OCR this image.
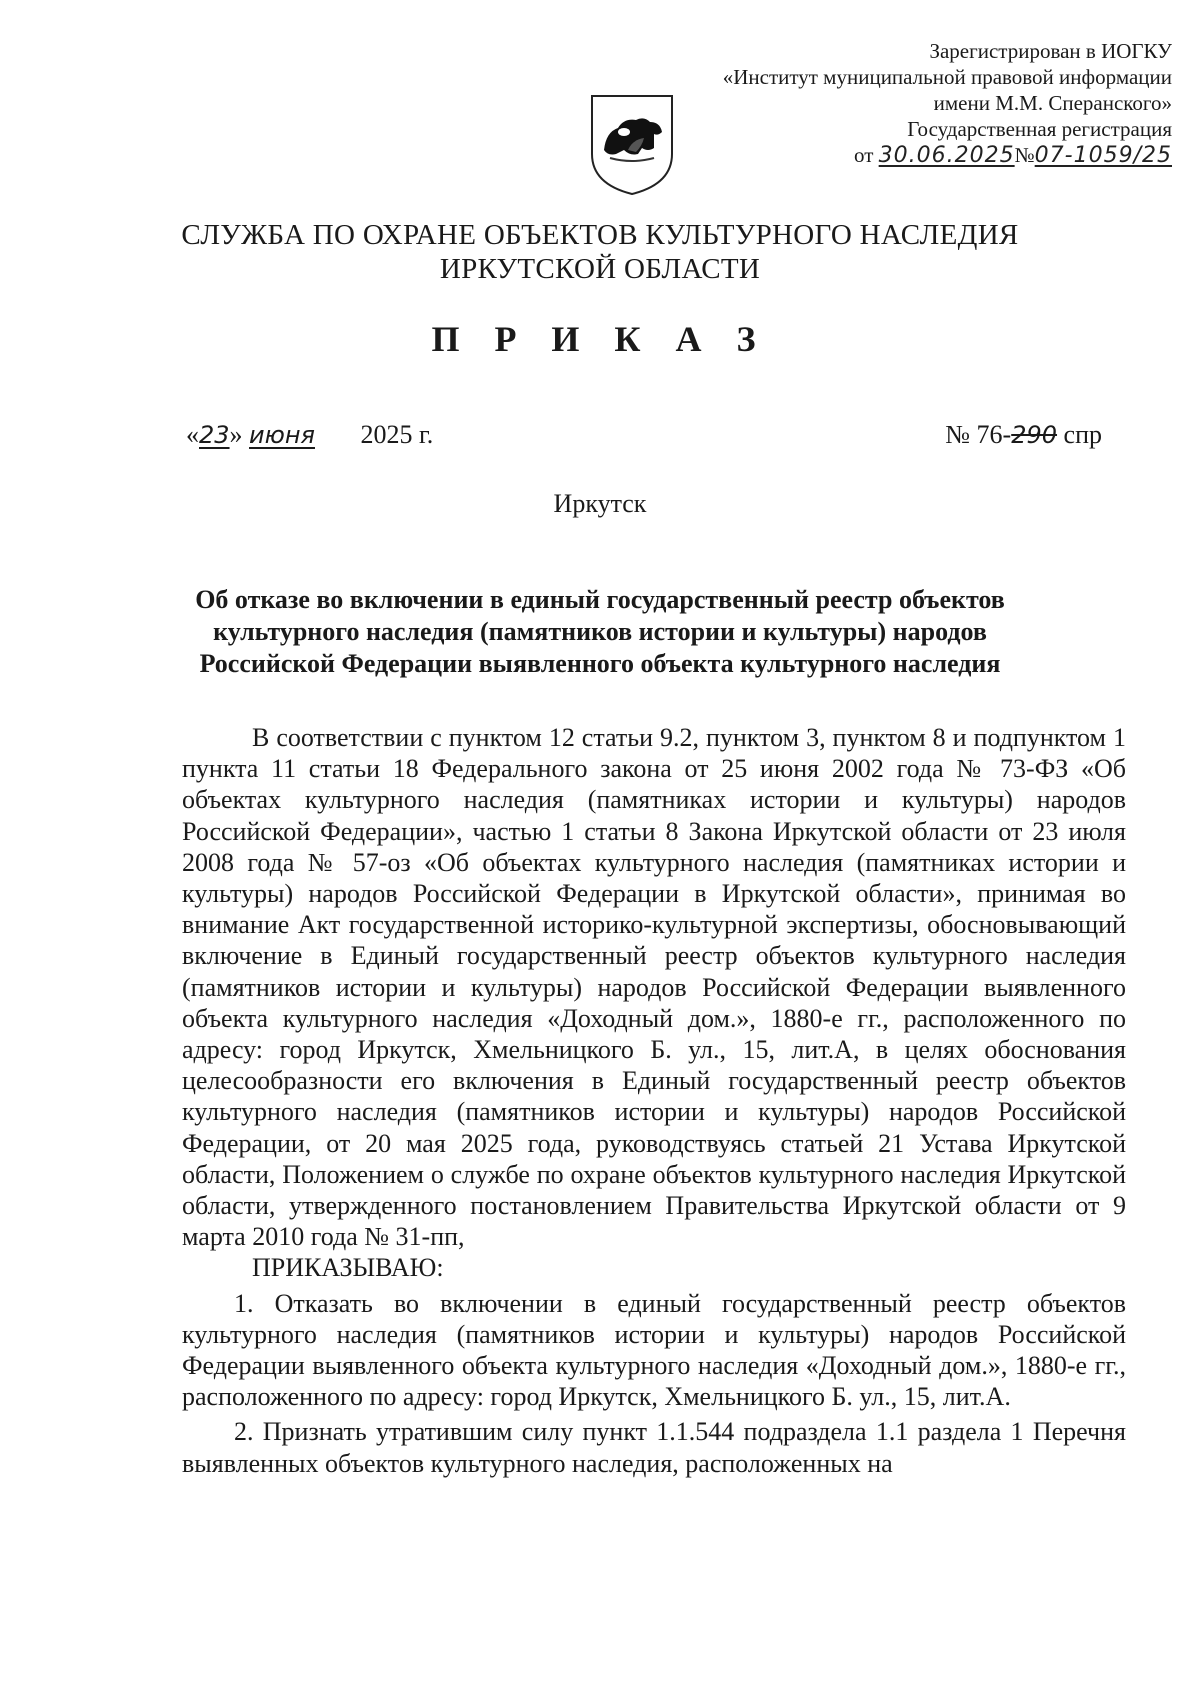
Зарегистрирован в ИОГКУ
«Институт муниципальной правовой информации
имени М.М. Сперанского»
Государственная регистрация
от 30.06.2025№07-1059/25
СЛУЖБА ПО ОХРАНЕ ОБЪЕКТОВ КУЛЬТУРНОГО НАСЛЕДИЯ
ИРКУТСКОЙ ОБЛАСТИ
П Р И К А З
«23» июня 2025 г.	№ 76-290 спр
Иркутск
Об отказе во включении в единый государственный реестр объектов культурного наследия (памятников истории и культуры) народов Российской Федерации выявленного объекта культурного наследия

В соответствии с пунктом 12 статьи 9.2, пунктом 3, пунктом 8 и подпунктом 1 пункта 11 статьи 18 Федерального закона от 25 июня 2002 года № 73-ФЗ «Об объектах культурного наследия (памятниках истории и культуры) народов Российской Федерации», частью 1 статьи 8 Закона Иркутской области от 23 июля 2008 года № 57-оз «Об объектах культурного наследия (памятниках истории и культуры) народов Российской Федерации в Иркутской области», принимая во внимание Акт государственной историко-культурной экспертизы, обосновывающий включение в Единый государственный реестр объектов культурного наследия (памятников истории и культуры) народов Российской Федерации выявленного объекта культурного наследия «Доходный дом.», 1880-е гг., расположенного по адресу: город Иркутск, Хмельницкого Б. ул., 15, лит.А, в целях обоснования целесообразности его включения в Единый государственный реестр объектов культурного наследия (памятников истории и культуры) народов Российской Федерации, от 20 мая 2025 года, руководствуясь статьей 21 Устава Иркутской области, Положением о службе по охране объектов культурного наследия Иркутской области, утвержденного постановлением Правительства Иркутской области от 9 марта 2010 года № 31-пп,

ПРИКАЗЫВАЮ:

1. Отказать во включении в единый государственный реестр объектов культурного наследия (памятников истории и культуры) народов Российской Федерации выявленного объекта культурного наследия «Доходный дом.», 1880-е гг., расположенного по адресу: город Иркутск, Хмельницкого Б. ул., 15, лит.А.

2. Признать утратившим силу пункт 1.1.544 подраздела 1.1 раздела 1 Перечня выявленных объектов культурного наследия, расположенных на
